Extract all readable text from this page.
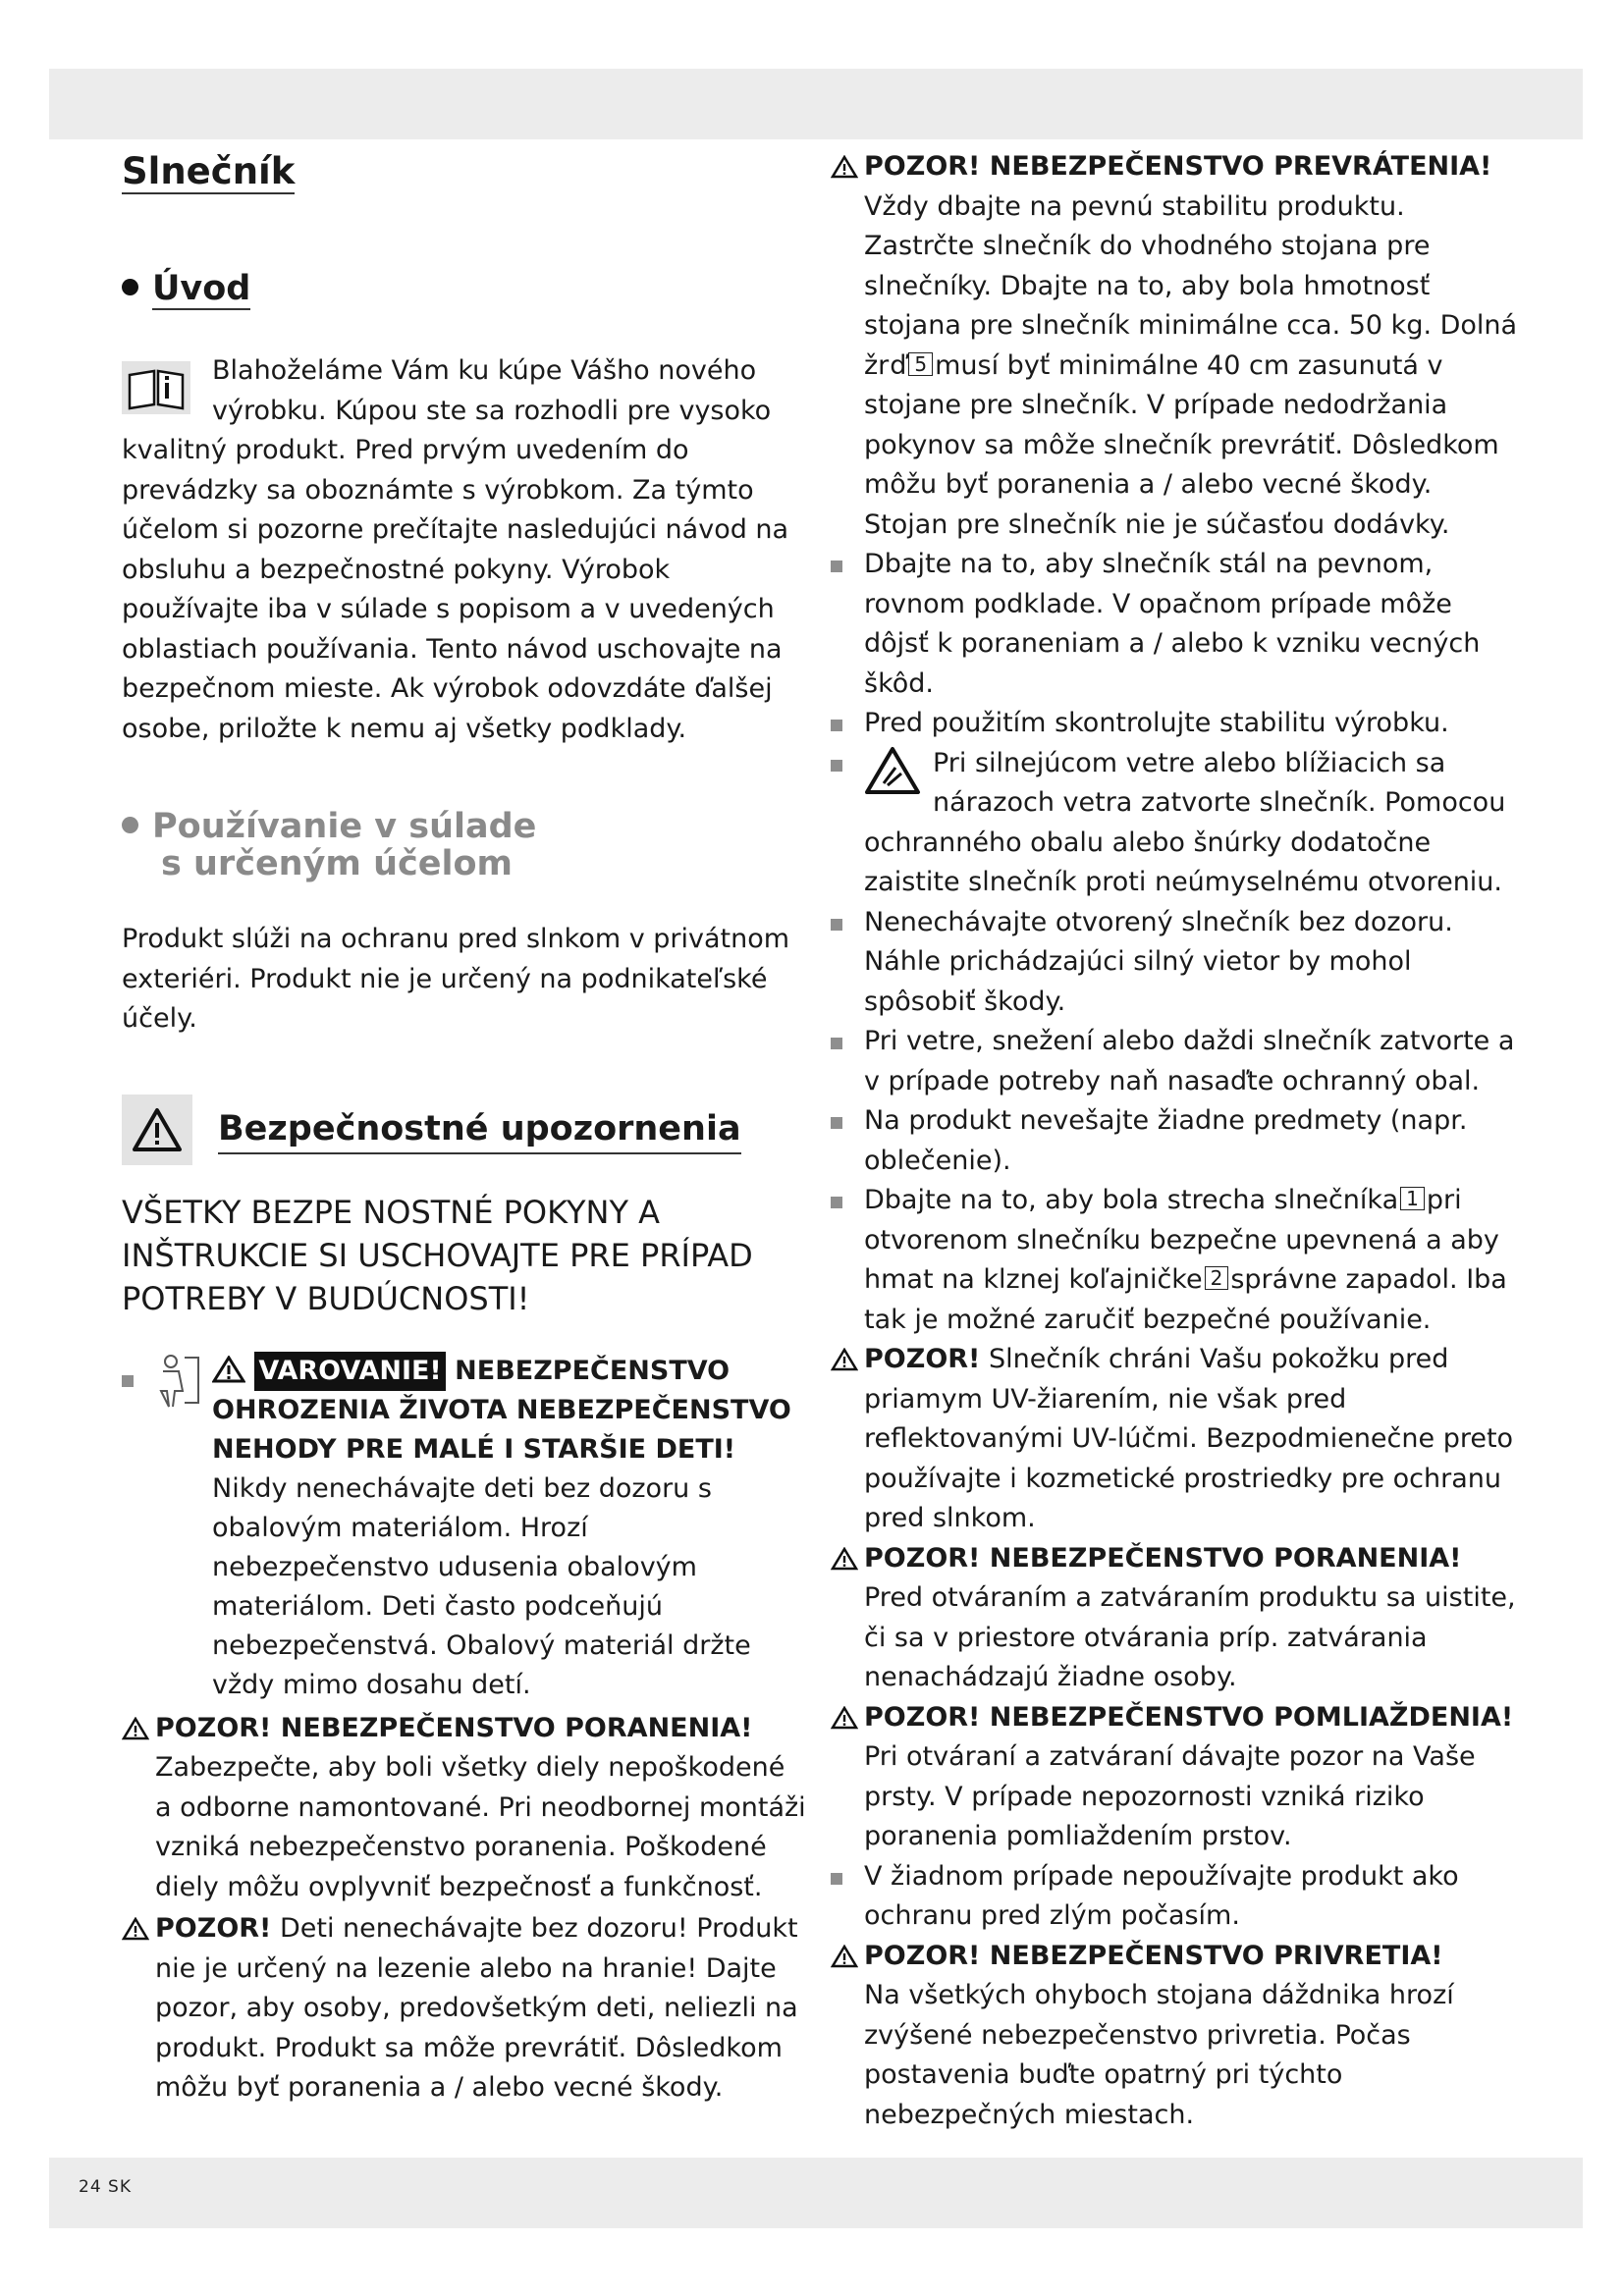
Slnečník
Úvod

Blahoželáme Vám ku kúpe Vášho nového výrobku. Kúpou ste sa rozhodli pre vysoko kvalitný produkt. Pred prvým uvedením do prevádzky sa oboznámte s výrobkom. Za týmto účelom si pozorne prečítajte nasledujúci návod na obsluhu a bezpečnostné pokyny. Výrobok používajte iba v súlade s popisom a v uvedených oblastiach používania. Tento návod uschovajte na bezpečnom mieste. Ak výrobok odovzdáte ďalšej osobe, priložte k nemu aj všetky podklady.

Používanie v súlade
s určeným účelom

Produkt slúži na ochranu pred slnkom v privátnom exteriéri. Produkt nie je určený na podnikateľské účely.

Bezpečnostné upozornenia

VŠETKY BEZPE NOSTNÉ POKYNY A INŠTRUKCIE SI USCHOVAJTE PRE PRÍPAD POTREBY V BUDÚCNOSTI!

VAROVANIE! NEBEZPEČENSTVO OHROZENIA ŽIVOTA NEBEZPEČENSTVO NEHODY PRE MALÉ I STARŠIE DETI! Nikdy nenechávajte deti bez dozoru s obalovým materiálom. Hrozí nebezpečenstvo udusenia obalovým materiálom. Deti často podceňujú nebezpečenstvá. Obalový materiál držte vždy mimo dosahu detí.
POZOR! NEBEZPEČENSTVO PORANENIA! Zabezpečte, aby boli všetky diely nepoškodené a odborne namontované. Pri neodbornej montáži vzniká nebezpečenstvo poranenia. Poškodené diely môžu ovplyvniť bezpečnosť a funkčnosť.
POZOR! Deti nenechávajte bez dozoru! Produkt nie je určený na lezenie alebo na hranie! Dajte pozor, aby osoby, predovšetkým deti, neliezli na produkt. Produkt sa môže prevrátiť. Dôsledkom môžu byť poranenia a / alebo vecné škody.
POZOR! NEBEZPEČENSTVO PREVRÁTENIA!
Vždy dbajte na pevnú stabilitu produktu. Zastrčte slnečník do vhodného stojana pre slnečníky. Dbajte na to, aby bola hmotnosť stojana pre slnečník minimálne cca. 50 kg. Dolná žrď 5 musí byť minimálne 40 cm zasunutá v stojane pre slnečník. V prípade nedodržania pokynov sa môže slnečník prevrátiť. Dôsledkom môžu byť poranenia a / alebo vecné škody. Stojan pre slnečník nie je súčasťou dodávky.
Dbajte na to, aby slnečník stál na pevnom, rovnom podklade. V opačnom prípade môže dôjsť k poraneniam a / alebo k vzniku vecných škôd.
Pred použitím skontrolujte stabilitu výrobku.
Pri silnejúcom vetre alebo blížiacich sa nárazoch vetra zatvorte slnečník. Pomocou ochranného obalu alebo šnúrky dodatočne zaistite slnečník proti neúmyselnému otvoreniu.
Nenechávajte otvorený slnečník bez dozoru. Náhle prichádzajúci silný vietor by mohol spôsobiť škody.
Pri vetre, snežení alebo daždi slnečník zatvorte a v prípade potreby naň nasaďte ochranný obal.
Na produkt nevešajte žiadne predmety (napr. oblečenie).
Dbajte na to, aby bola strecha slnečníka 1 pri otvorenom slnečníku bezpečne upevnená a aby hmat na klznej koľajničke 2 správne zapadol. Iba tak je možné zaručiť bezpečné používanie.
POZOR! Slnečník chráni Vašu pokožku pred priamym UV-žiarením, nie však pred reflektovanými UV-lúčmi. Bezpodmienečne preto používajte i kozmetické prostriedky pre ochranu pred slnkom.
POZOR! NEBEZPEČENSTVO PORANENIA!
Pred otváraním a zatváraním produktu sa uistite, či sa v priestore otvárania príp. zatvárania nenachádzajú žiadne osoby.
POZOR! NEBEZPEČENSTVO POMLIAŽDENIA! Pri otváraní a zatváraní dávajte pozor na Vaše prsty. V prípade nepozornosti vzniká riziko poranenia pomliaždením prstov.
V žiadnom prípade nepoužívajte produkt ako ochranu pred zlým počasím.
POZOR! NEBEZPEČENSTVO PRIVRETIA!
Na všetkých ohyboch stojana dáždnika hrozí zvýšené nebezpečenstvo privretia. Počas postavenia buďte opatrný pri týchto nebezpečných miestach.
24 SK
